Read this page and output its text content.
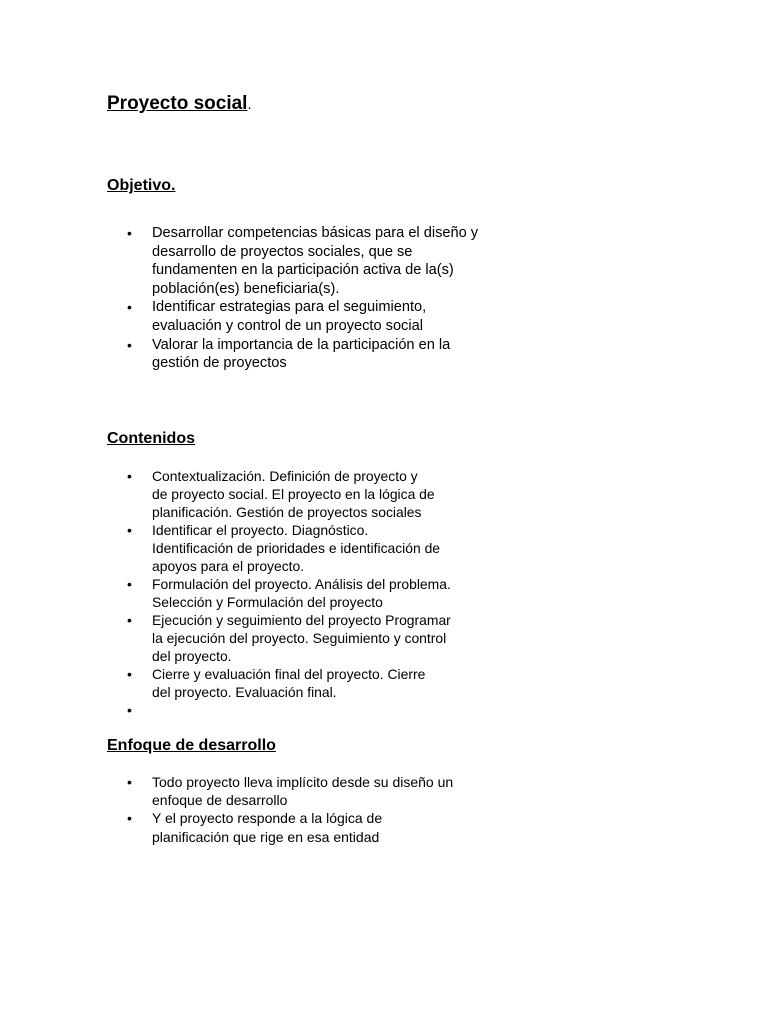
Proyecto social.
Objetivo.
•	Desarrollar competencias básicas para el diseño y
desarrollo de proyectos sociales, que se
fundamenten en la participación activa de la(s)
población(es) beneficiaria(s).
•	Identificar estrategias para el seguimiento,
evaluación y control de un proyecto social
•	Valorar la importancia de la participación en la
gestión de proyectos
Contenidos
•	Contextualización. Definición de proyecto y
de proyecto social. El proyecto en la lógica de
planificación. Gestión de proyectos sociales
•	Identificar el proyecto. Diagnóstico.
Identificación de prioridades e identificación de
apoyos para el proyecto.
•	Formulación del proyecto. Análisis del problema.
Selección y Formulación del proyecto
•	Ejecución y seguimiento del proyecto Programar
la ejecución del proyecto. Seguimiento y control
del proyecto.
•	Cierre y evaluación final del proyecto. Cierre
del proyecto. Evaluación final.
•
Enfoque de desarrollo
•	Todo proyecto lleva implícito desde su diseño un
enfoque de desarrollo
•	Y el proyecto responde a la lógica de
planificación que rige en esa entidad
